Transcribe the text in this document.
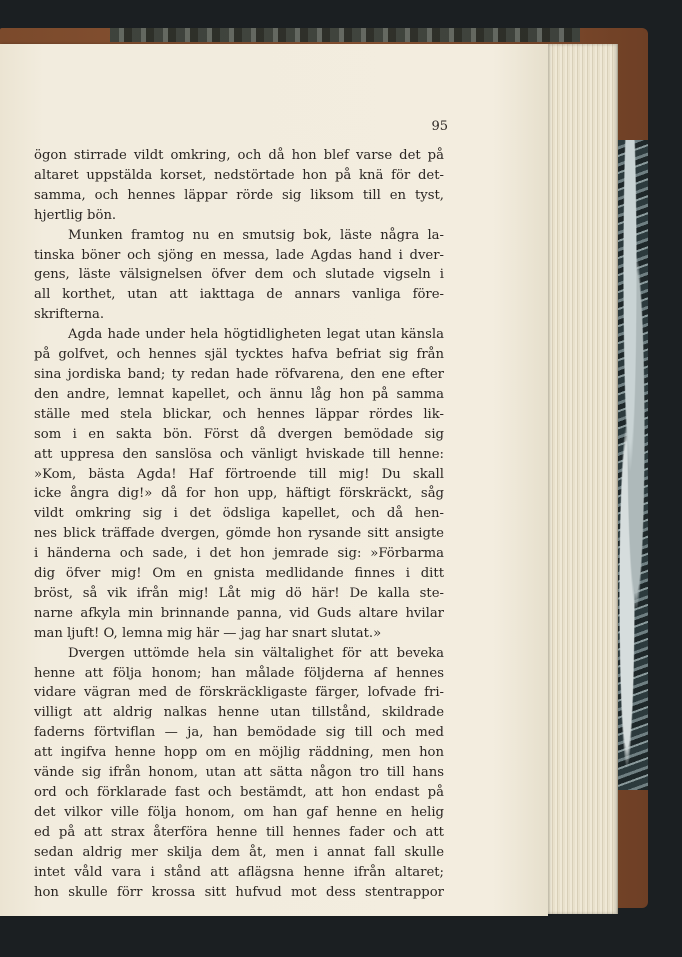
95
ögon stirrade vildt omkring, och då hon blef varse det på
altaret uppstälda korset, nedstörtade hon på knä för det-
samma, och hennes läppar rörde sig liksom till en tyst,
hjertlig bön.
Munken framtog nu en smutsig bok, läste några la-
tinska böner och sjöng en messa, lade Agdas hand i dver-
gens, läste välsignelsen öfver dem och slutade vigseln i
all korthet, utan att iakttaga de annars vanliga före-
skrifterna.
Agda hade under hela högtidligheten legat utan känsla
på golfvet, och hennes själ tycktes hafva befriat sig från
sina jordiska band; ty redan hade röfvarena, den ene efter
den andre, lemnat kapellet, och ännu låg hon på samma
ställe med stela blickar, och hennes läppar rördes lik-
som i en sakta bön. Först då dvergen bemödade sig
att uppresa den sanslösa och vänligt hviskade till henne:
»Kom, bästa Agda! Haf förtroende till mig! Du skall
icke ångra dig!» då for hon upp, häftigt förskräckt, såg
vildt omkring sig i det ödsliga kapellet, och då hen-
nes blick träffade dvergen, gömde hon rysande sitt ansigte
i händerna och sade, i det hon jemrade sig: »Förbarma
dig öfver mig! Om en gnista medlidande finnes i ditt
bröst, så vik ifrån mig! Låt mig dö här! De kalla ste-
narne afkyla min brinnande panna, vid Guds altare hvilar
man ljuft! O, lemna mig här — jag har snart slutat.»
Dvergen uttömde hela sin vältalighet för att beveka
henne att följa honom; han målade följderna af hennes
vidare vägran med de förskräckligaste färger, lofvade fri-
villigt att aldrig nalkas henne utan tillstånd, skildrade
faderns förtviflan — ja, han bemödade sig till och med
att ingifva henne hopp om en möjlig räddning, men hon
vände sig ifrån honom, utan att sätta någon tro till hans
ord och förklarade fast och bestämdt, att hon endast på
det vilkor ville följa honom, om han gaf henne en helig
ed på att strax återföra henne till hennes fader och att
sedan aldrig mer skilja dem åt, men i annat fall skulle
intet våld vara i stånd att aflägsna henne ifrån altaret;
hon skulle förr krossa sitt hufvud mot dess stentrappor
